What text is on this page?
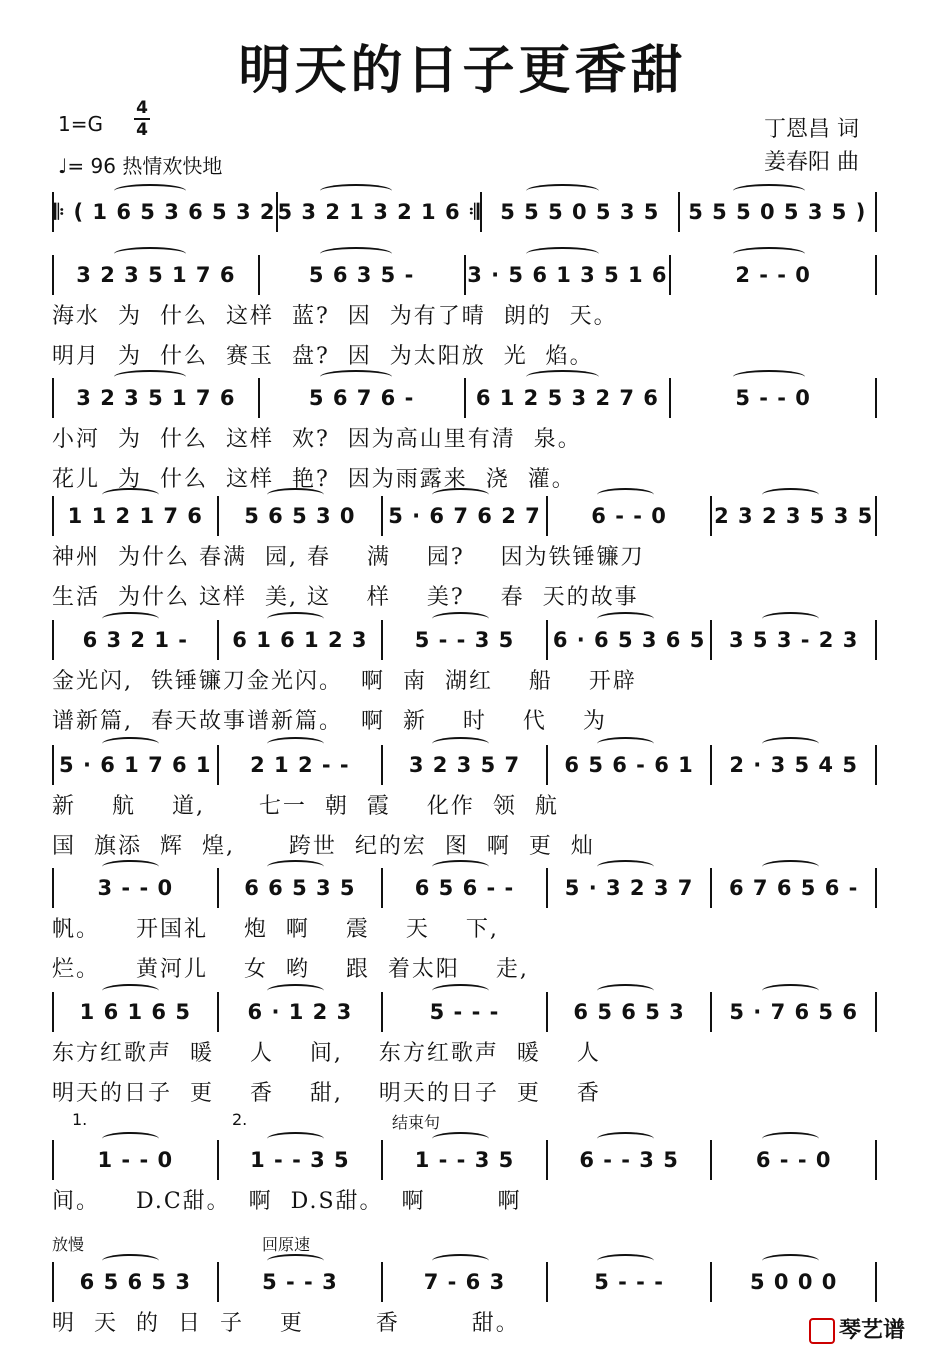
明天的日子更香甜
1=G
4
4
♩= 96 热情欢快地
丁恩昌 词
姜春阳 曲
𝄆 ( 1 6 5 3 6 5 3 2 5 3 2 1 3 2 1 6 𝄇 5 5 5 0 5 3 5	5 5 5 0 5 3 5 )
3 2 3 5 1 7 6	5 6 3 5 -	3 · 5 6 1 3 5 1 6	2 - - 0
海水  为  什么  这样  蓝?  因  为有了晴  朗的  天。
明月  为  什么  赛玉  盘?  因  为太阳放  光  焰。
3 2 3 5 1 7 6	5 6 7 6 -	6 1 2 5 3 2 7 6	5 - - 0
小河  为  什么  这样  欢?  因为高山里有清  泉。
花儿  为  什么  这样  艳?  因为雨露来  浇  灌。
1 1 2 1 7 6	5 6 5 3 0	5 · 6 7 6 2 7	6 - - 0	2 3 2 3 5 3 5
神州  为什么 春满  园, 春    满    园?    因为铁锤镰刀
生活  为什么 这样  美, 这    样    美?    春  天的故事
6 3 2 1 -	6 1 6 1 2 3	5 - - 3 5	6 · 6 5 3 6 5	3 5 3 - 2 3
金光闪,  铁锤镰刀金光闪。  啊  南  湖红    船    开辟
谱新篇,  春天故事谱新篇。  啊  新    时    代    为
5 · 6 1 7 6 1	2 1 2 - -	3 2 3 5 7	6 5 6 - 6 1	2 · 3 5 4 5
新    航    道,      七一  朝  霞    化作  领  航
国  旗添  辉  煌,      跨世  纪的宏  图  啊  更  灿
3 - - 0	6 6 5 3 5	6 5 6 - -	5 · 3 2 3 7	6 7 6 5 6 -
帆。    开国礼    炮  啊    震    天    下,
烂。    黄河儿    女  哟    跟  着太阳    走,
1 6 1 6 5	6 · 1 2 3	5 - - -	6 5 6 5 3	5 · 7 6 5 6
东方红歌声  暖    人    间,    东方红歌声  暖    人
明天的日子  更    香    甜,    明天的日子  更    香
1 - - 0	1 - - 3 5	1 - - 3 5	6 - - 3 5	6 - - 0
间。    D.C甜。  啊  D.S甜。  啊        啊
1.	2.	结束句
6 5 6 5 3	5 - - 3	7 - 6 3	5 - - -	5 0 0 0
明  天  的  日  子    更        香        甜。
放慢	回原速
琴艺谱
